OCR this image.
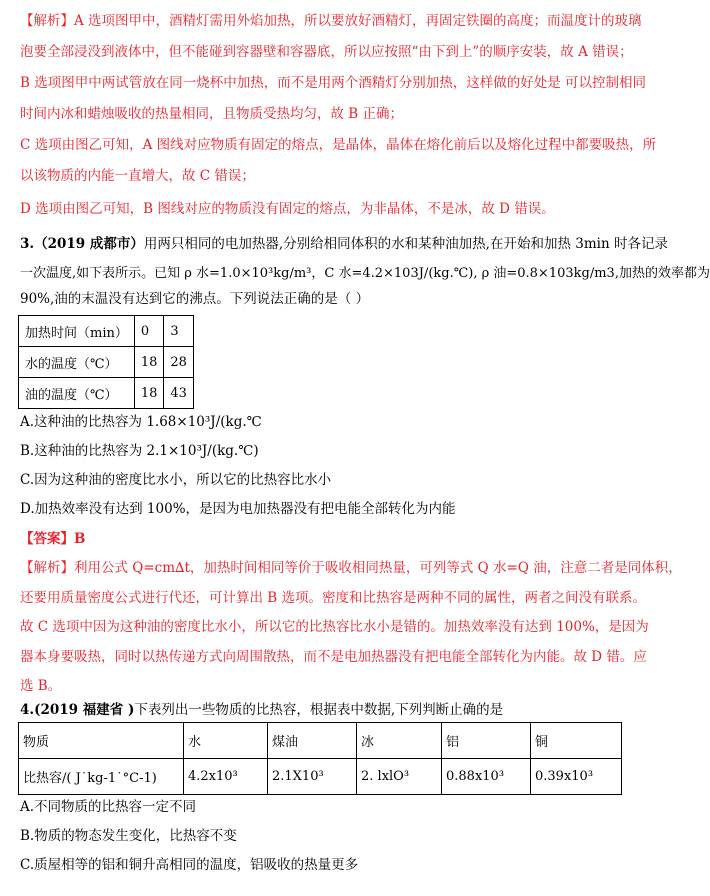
【解析】A 选项图甲中，酒精灯需用外焰加热，所以要放好酒精灯，再固定铁圈的高度；而温度计的玻璃
泡要全部浸没到液体中，但不能碰到容器壁和容器底，所以应按照“由下到上”的顺序安装，故 A 错误；
B 选项图甲中两试管放在同一烧杯中加热，而不是用两个酒精灯分别加热，这样做的好处是 可以控制相同
时间内冰和蜡烛吸收的热量相同，且物质受热均匀，故 B 正确；
C 选项由图乙可知，A 图线对应物质有固定的熔点，是晶体，晶体在熔化前后以及熔化过程中都要吸热，所
以该物质的内能一直增大，故 C 错误；
D 选项由图乙可知，B 图线对应的物质没有固定的熔点，为非晶体，不是冰，故 D 错误。
3.（2019 成都市）用两只相同的电加热器,分别给相同体积的水和某种油加热,在开始和加热 3min 时各记录
一次温度,如下表所示。已知 ρ 水=1.0×10³kg/m³，C 水=4.2×103J/(kg.℃), ρ 油=0.8×103kg/m3,加热的效率都为
90%,油的末温没有达到它的沸点。下列说法正确的是（ ）
加热时间（min）	0	3
水的温度（℃）	18	28
油的温度（℃）	18	43
A.这种油的比热容为 1.68×10³J/(kg.℃
B.这种油的比热容为 2.1×10³J/(kg.℃)
C.因为这种油的密度比水小，所以它的比热容比水小
D.加热效率没有达到 100%，是因为电加热器没有把电能全部转化为内能
【答案】B
【解析】利用公式 Q=cm∆t，加热时间相同等价于吸收相同热量，可列等式 Q 水=Q 油，注意二者是同体积，
还要用质量密度公式进行代还，可计算出 B 选项。密度和比热容是两种不同的属性，两者之间没有联系。
故 C 选项中因为这种油的密度比水小，所以它的比热容比水小是错的。加热效率没有达到 100%，是因为
器本身要吸热，同时以热传递方式向周围散热，而不是电加热器没有把电能全部转化为内能。故 D 错。应
选 B。
4.(2019 福建省 )下表列出一些物质的比热容，根据表中数据,下列判断止确的是
物质	水	煤油	冰	铝	铜
比热容/( J˙kg-1˙°C-1)	4.2x10³	2.1X10³	2. lxlO³	0.88x10³	0.39x10³
A.不同物质的比热容一定不同
B.物质的物态发生变化，比热容不变
C.质屋相等的铝和铜升高相同的温度，铝吸收的热量更多
